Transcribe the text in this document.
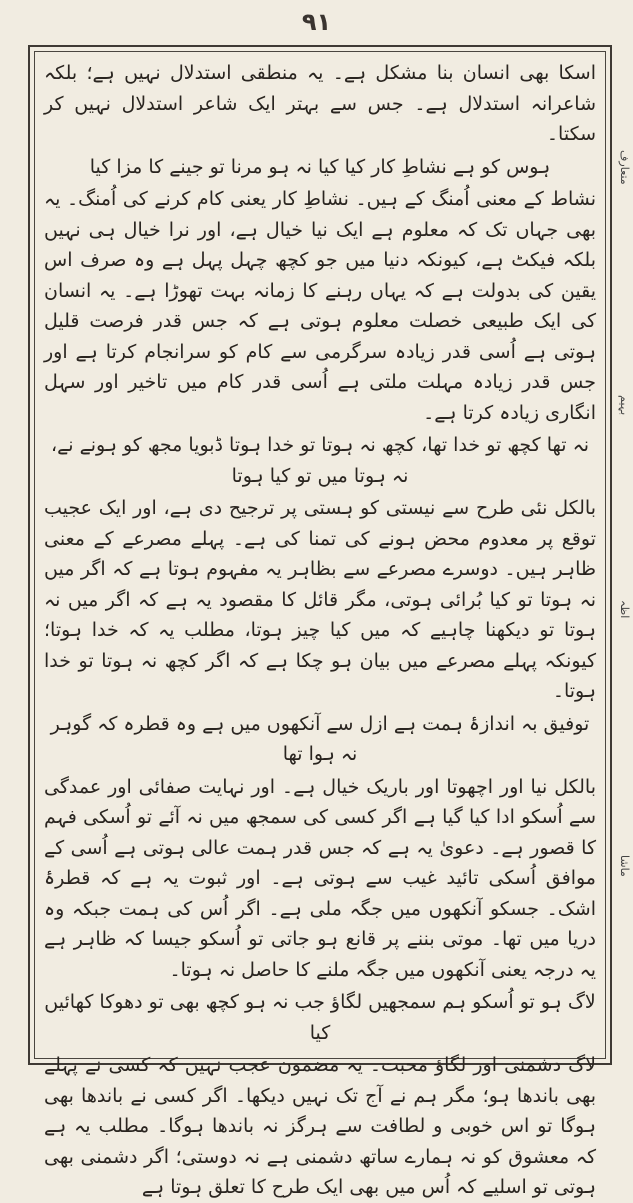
۹۱
متعارف
بہیم
اظہ
ماشا

اسکا بھی انسان بنا مشکل ہے۔ یہ منطقی استدلال نہیں ہے؛ بلکہ شاعرانہ استدلال ہے۔ جس سے بہتر ایک شاعر استدلال نہیں کر سکتا۔

ہوس کو ہے نشاطِ کار کیا کیا نہ ہو مرنا تو جینے کا مزا کیا

نشاط کے معنی اُمنگ کے ہیں۔ نشاطِ کار یعنی کام کرنے کی اُمنگ۔ یہ بھی جہاں تک کہ معلوم ہے ایک نیا خیال ہے، اور نرا خیال ہی نہیں بلکہ فیکٹ ہے، کیونکہ دنیا میں جو کچھ چہل پہل ہے وہ صرف اس یقین کی بدولت ہے کہ یہاں رہنے کا زمانہ بہت تھوڑا ہے۔ یہ انسان کی ایک طبیعی خصلت معلوم ہوتی ہے کہ جس قدر فرصت قلیل ہوتی ہے اُسی قدر زیادہ سرگرمی سے کام کو سرانجام کرتا ہے اور جس قدر زیادہ مہلت ملتی ہے اُسی قدر کام میں تاخیر اور سہل انگاری زیادہ کرتا ہے۔

نہ تھا کچھ تو خدا تھا، کچھ نہ ہوتا تو خدا ہوتا ڈبویا مجھ کو ہونے نے، نہ ہوتا میں تو کیا ہوتا

بالکل نئی طرح سے نیستی کو ہستی پر ترجیح دی ہے، اور ایک عجیب توقع پر معدوم محض ہونے کی تمنا کی ہے۔ پہلے مصرعے کے معنی ظاہر ہیں۔ دوسرے مصرعے سے بظاہر یہ مفہوم ہوتا ہے کہ اگر میں نہ ہوتا تو کیا بُرائی ہوتی، مگر قائل کا مقصود یہ ہے کہ اگر میں نہ ہوتا تو دیکھنا چاہیے کہ میں کیا چیز ہوتا، مطلب یہ کہ خدا ہوتا؛ کیونکہ پہلے مصرعے میں بیان ہو چکا ہے کہ اگر کچھ نہ ہوتا تو خدا ہوتا۔

توفیق بہ اندازۂ ہمت ہے ازل سے آنکھوں میں ہے وہ قطرہ کہ گوہر نہ ہوا تھا

بالکل نیا اور اچھوتا اور باریک خیال ہے۔ اور نہایت صفائی اور عمدگی سے اُسکو ادا کیا گیا ہے اگر کسی کی سمجھ میں نہ آئے تو اُسکی فہم کا قصور ہے۔ دعویٰ یہ ہے کہ جس قدر ہمت عالی ہوتی ہے اُسی کے موافق اُسکی تائید غیب سے ہوتی ہے۔ اور ثبوت یہ ہے کہ قطرۂ اشک۔ جسکو آنکھوں میں جگہ ملی ہے۔ اگر اُس کی ہمت جبکہ وہ دریا میں تھا۔ موتی بننے پر قانع ہو جاتی تو اُسکو جیسا کہ ظاہر ہے یہ درجہ یعنی آنکھوں میں جگہ ملنے کا حاصل نہ ہوتا۔

لاگ ہو تو اُسکو ہم سمجھیں لگاؤ جب نہ ہو کچھ بھی تو دھوکا کھائیں کیا

لاگ دشمنی اور لگاؤ محبت۔ یہ مضمون عجب نہیں کہ کسی نے پہلے بھی باندھا ہو؛ مگر ہم نے آج تک نہیں دیکھا۔ اگر کسی نے باندھا بھی ہوگا تو اس خوبی و لطافت سے ہرگز نہ باندھا ہوگا۔ مطلب یہ ہے کہ معشوق کو نہ ہمارے ساتھ دشمنی ہے نہ دوستی؛ اگر دشمنی بھی ہوتی تو اسلیے کہ اُس میں بھی ایک طرح کا تعلق ہوتا ہے
